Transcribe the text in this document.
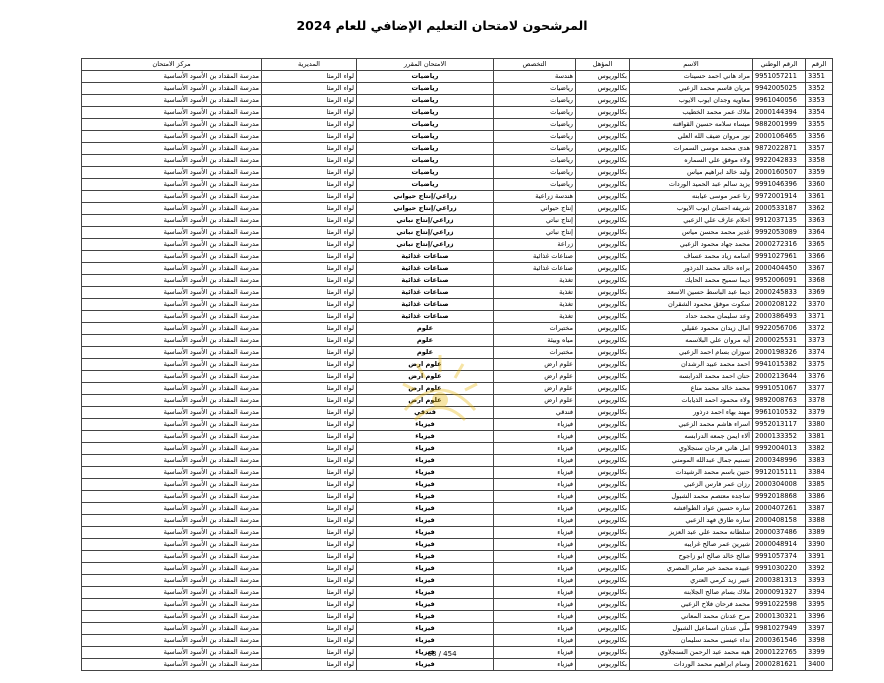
المرشحون لامتحان التعليم الإضافي للعام 2024
الرقم	الرقم الوطني	الاسم	المؤهل	التخصص	الامتحان المقرر	المديرية	مركز الامتحان
3351	9951057211	مراد هاني احمد حسينات	بكالوريوس	هندسة	رياضيات	لواء الرمثا	مدرسة المقداد بن الأسود الأساسية
3352	9942005025	مريان قاسم محمد الزعبي	بكالوريوس	رياضيات	رياضيات	لواء الرمثا	مدرسة المقداد بن الأسود الأساسية
3353	9961040056	معاويه وجدان ايوب الايوب	بكالوريوس	رياضيات	رياضيات	لواء الرمثا	مدرسة المقداد بن الأسود الأساسية
3354	2000144394	ملاك عمر محمد الخطيب	بكالوريوس	رياضيات	رياضيات	لواء الرمثا	مدرسة المقداد بن الأسود الأساسية
3355	9882001999	ميساء سلامه حسين القواقنه	بكالوريوس	رياضيات	رياضيات	لواء الرمثا	مدرسة المقداد بن الأسود الأساسية
3356	2000106465	نور مروان ضيف الله العلي	بكالوريوس	رياضيات	رياضيات	لواء الرمثا	مدرسة المقداد بن الأسود الأساسية
3357	9872022871	هدى محمد موسى السمرات	بكالوريوس	رياضيات	رياضيات	لواء الرمثا	مدرسة المقداد بن الأسود الأساسية
3358	9922042833	ولاء موفق علي السماره	بكالوريوس	رياضيات	رياضيات	لواء الرمثا	مدرسة المقداد بن الأسود الأساسية
3359	2000160507	وليد خالد ابراهيم مياس	بكالوريوس	رياضيات	رياضيات	لواء الرمثا	مدرسة المقداد بن الأسود الأساسية
3360	9991046396	يزيد سالم عبد الحميد الوردات	بكالوريوس	رياضيات	رياضيات	لواء الرمثا	مدرسة المقداد بن الأسود الأساسية
3361	9972001914	رنا عمر موسى عيابنه	بكالوريوس	هندسة زراعية	زراعي/إنتاج حيواني	لواء الرمثا	مدرسة المقداد بن الأسود الأساسية
3362	2000533187	شريفه احسان ايوب الايوب	بكالوريوس	إنتاج حيواني	زراعي/إنتاج حيواني	لواء الرمثا	مدرسة المقداد بن الأسود الأساسية
3363	9912037135	احلام عارف علي الزعبي	بكالوريوس	إنتاج نباتي	زراعي/إنتاج نباتي	لواء الرمثا	مدرسة المقداد بن الأسود الأساسية
3364	9992053089	غدير محمد محسن مياس	بكالوريوس	إنتاج نباتي	زراعي/إنتاج نباتي	لواء الرمثا	مدرسة المقداد بن الأسود الأساسية
3365	2000272316	محمد جهاد محمود الزعبي	بكالوريوس	زراعة	زراعي/إنتاج نباتي	لواء الرمثا	مدرسة المقداد بن الأسود الأساسية
3366	9991027961	اسامه زياد محمد عساف	بكالوريوس	صناعات غذائية	صناعات غذائية	لواء الرمثا	مدرسة المقداد بن الأسود الأساسية
3367	2000404450	براءه خالد محمد الدرذور	بكالوريوس	صناعات غذائية	صناعات غذائية	لواء الرمثا	مدرسة المقداد بن الأسود الأساسية
3368	9952006091	ديما سميح محمد الحايك	بكالوريوس	تغذية	صناعات غذائية	لواء الرمثا	مدرسة المقداد بن الأسود الأساسية
3369	2000245833	ديما عبد الباسط حسين الاسعد	بكالوريوس	تغذية	صناعات غذائية	لواء الرمثا	مدرسة المقداد بن الأسود الأساسية
3370	2000208122	سكوت موفق محمود الشقران	بكالوريوس	تغذية	صناعات غذائية	لواء الرمثا	مدرسة المقداد بن الأسود الأساسية
3371	2000386493	وعد سليمان محمد حداد	بكالوريوس	تغذية	صناعات غذائية	لواء الرمثا	مدرسة المقداد بن الأسود الأساسية
3372	9922056706	امال زيدان محمود عقيلي	بكالوريوس	مختبرات	علوم	لواء الرمثا	مدرسة المقداد بن الأسود الأساسية
3373	2000025531	آيه مروان علي البلاسمه	بكالوريوس	مياه وبيئة	علوم	لواء الرمثا	مدرسة المقداد بن الأسود الأساسية
3374	2000198326	سوزان بسام احمد الزعبي	بكالوريوس	مختبرات	علوم	لواء الرمثا	مدرسة المقداد بن الأسود الأساسية
3375	9941015382	احمد محمد عبيد الرشدان	بكالوريوس	علوم ارض	علوم ارض	لواء الرمثا	مدرسة المقداد بن الأسود الأساسية
3376	2000213644	حنان احمد محمد الدرابسه	بكالوريوس	علوم ارض	علوم ارض	لواء الرمثا	مدرسة المقداد بن الأسود الأساسية
3377	9991051067	محمد خالد محمد مناع	بكالوريوس	علوم ارض	علوم ارض	لواء الرمثا	مدرسة المقداد بن الأسود الأساسية
3378	9892008763	ولاء محمود احمد الذيابات	بكالوريوس	علوم ارض	علوم ارض	لواء الرمثا	مدرسة المقداد بن الأسود الأساسية
3379	9961010532	مهند بهاء احمد درذور	بكالوريوس	فندقي	فندقي	لواء الرمثا	مدرسة المقداد بن الأسود الأساسية
3380	9952013117	اسراء هاشم محمد الزعبي	بكالوريوس	فيزياء	فيزياء	لواء الرمثا	مدرسة المقداد بن الأسود الأساسية
3381	2000133352	آلاء ايمن جمعه الدرابسه	بكالوريوس	فيزياء	فيزياء	لواء الرمثا	مدرسة المقداد بن الأسود الأساسية
3382	9992004013	امل هاني فرحان سنجلاوي	بكالوريوس	فيزياء	فيزياء	لواء الرمثا	مدرسة المقداد بن الأسود الأساسية
3383	2000348996	تسنيم جمال عبدالله المومني	بكالوريوس	فيزياء	فيزياء	لواء الرمثا	مدرسة المقداد بن الأسود الأساسية
3384	9912015111	حنين باسم محمد الرشيدات	بكالوريوس	فيزياء	فيزياء	لواء الرمثا	مدرسة المقداد بن الأسود الأساسية
3385	2000304008	رزان عمر فارس الزعبي	بكالوريوس	فيزياء	فيزياء	لواء الرمثا	مدرسة المقداد بن الأسود الأساسية
3386	9992018868	ساجده معتصم محمد الشبول	بكالوريوس	فيزياء	فيزياء	لواء الرمثا	مدرسة المقداد بن الأسود الأساسية
3387	2000407261	ساره حسين عواد الطوافشه	بكالوريوس	فيزياء	فيزياء	لواء الرمثا	مدرسة المقداد بن الأسود الأساسية
3388	2000408158	ساره طارق فهد الزعبي	بكالوريوس	فيزياء	فيزياء	لواء الرمثا	مدرسة المقداد بن الأسود الأساسية
3389	2000037486	سلطانه محمد علي عبد العزيز	بكالوريوس	فيزياء	فيزياء	لواء الرمثا	مدرسة المقداد بن الأسود الأساسية
3390	2000048914	شيرين عمر صالح غرايبه	بكالوريوس	فيزياء	فيزياء	لواء الرمثا	مدرسة المقداد بن الأسود الأساسية
3391	9991057374	صالح خالد صالح ابو زاجوح	بكالوريوس	فيزياء	فيزياء	لواء الرمثا	مدرسة المقداد بن الأسود الأساسية
3392	9991030220	عبيده محمد خير صابر المصري	بكالوريوس	فيزياء	فيزياء	لواء الرمثا	مدرسة المقداد بن الأسود الأساسية
3393	2000381313	عبير زيد كرمي العتري	بكالوريوس	فيزياء	فيزياء	لواء الرمثا	مدرسة المقداد بن الأسود الأساسية
3394	2000091327	ملاك بسام صالح الجلابنه	بكالوريوس	فيزياء	فيزياء	لواء الرمثا	مدرسة المقداد بن الأسود الأساسية
3395	9991022598	محمد فرحان فلاح الزعبي	بكالوريوس	فيزياء	فيزياء	لواء الرمثا	مدرسة المقداد بن الأسود الأساسية
3396	2000130321	مرح عدنان محمد المعاني	بكالوريوس	فيزياء	فيزياء	لواء الرمثا	مدرسة المقداد بن الأسود الأساسية
3397	9981027949	ملّي عدنان اسماعيل الشبول	بكالوريوس	فيزياء	فيزياء	لواء الرمثا	مدرسة المقداد بن الأسود الأساسية
3398	2000361546	نداء عيسى محمد سليمان	بكالوريوس	فيزياء	فيزياء	لواء الرمثا	مدرسة المقداد بن الأسود الأساسية
3399	2000122765	هبه محمد عبد الرحمن السنجلاوي	بكالوريوس	فيزياء	فيزياء	لواء الرمثا	مدرسة المقداد بن الأسود الأساسية
3400	2000281621	وسام ابراهيم محمد الوردات	بكالوريوس	فيزياء	فيزياء	لواء الرمثا	مدرسة المقداد بن الأسود الأساسية
68 / 454
